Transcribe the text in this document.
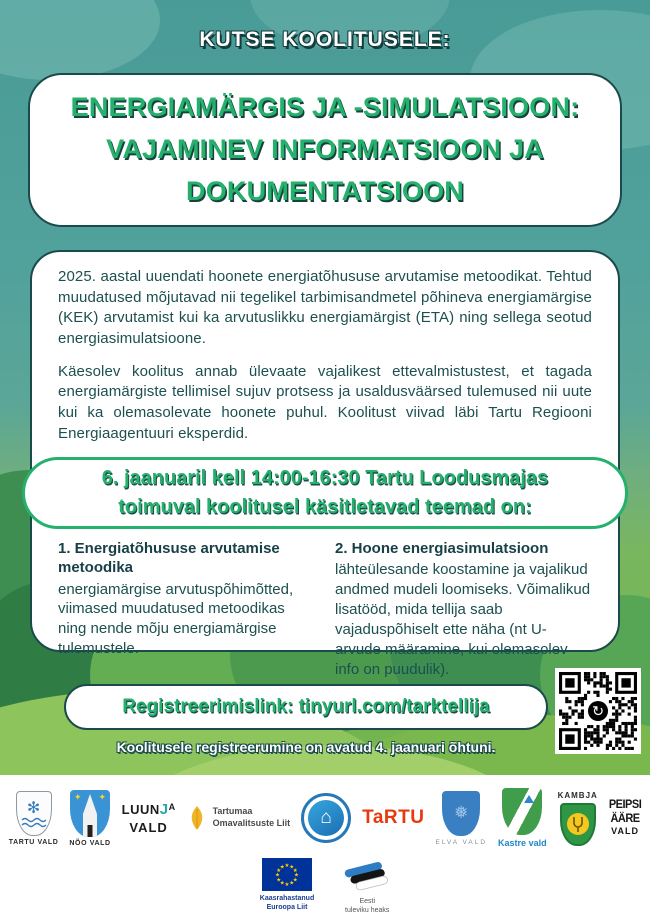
KUTSE KOOLITUSELE:
ENERGIAMÄRGIS JA -SIMULATSIOON:
VAJAMINEV INFORMATSIOON JA
DOKUMENTATSIOON

2025. aastal uuendati hoonete energiatõhususe arvutamise metoodikat. Tehtud muudatused mõjutavad nii tegelikel tarbimisandmetel põhineva energiamärgise (KEK) arvutamist kui ka arvutuslikku energiamärgist (ETA) ning sellega seotud energiasimulatsioone.

Käesolev koolitus annab ülevaate vajalikest ettevalmistustest, et tagada energiamärgiste tellimisel sujuv protsess ja usaldusväärsed tulemused nii uute kui ka olemasolevate hoonete puhul. Koolitust viivad läbi Tartu Regiooni Energiaagentuuri eksperdid.

6. jaanuaril kell 14:00-16:30 Tartu Loodusmajas
toimuval koolitusel käsitletavad teemad on:
1. Energiatõhususe arvutamise metoodika
energiamärgise arvutuspõhimõtted, viimased muudatused metoodikas ning nende mõju energiamärgise tulemustele.
2. Hoone energiasimulatsioon
lähteülesande koostamine ja vajalikud andmed mudeli loomiseks. Võimalikud lisatööd, mida tellija saab vajaduspõhiselt ette näha (nt U-arvude määramine, kui olemasolev info on puudulik).
Registreerimislink: tinyurl.com/tarktellija
Koolitusele registreerumine on avatud 4. jaanuari õhtuni.
↻
✻
TARTU VALD
✦ ✦
NÕO VALD
$LUUNJ^A$
VALD
Tartumaa
Omavalitsuste Liit	⌂	TaRTU ❅
ELVA VALD Kastre vald
KAMBJA
PEIPSI
ÄÄRE
VALD
★
★
★
★
★
★
★
★
★ ★ ★
★
Kaasrahastanud
Euroopa Liit
Eesti
tuleviku heaks
